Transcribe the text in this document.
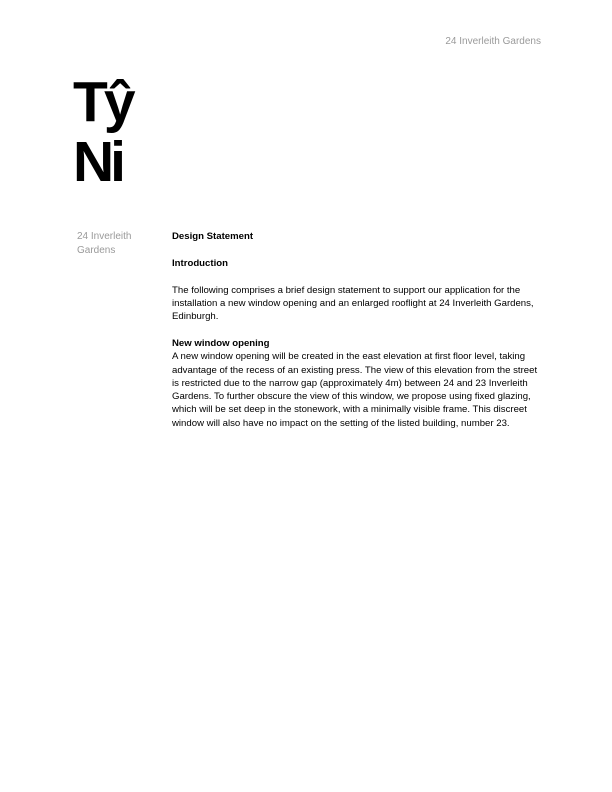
24 Inverleith Gardens
Tŷ
Ni
24 Inverleith Gardens
Design Statement
Introduction

The following comprises a brief design statement to support our application for the installation a new window opening and an enlarged rooflight at 24 Inverleith Gardens, Edinburgh.

New window opening

A new window opening will be created in the east elevation at first floor level, taking advantage of the recess of an existing press. The view of this elevation from the street is restricted due to the narrow gap (approximately 4m) between 24 and 23 Inverleith Gardens. To further obscure the view of this window, we propose using fixed glazing, which will be set deep in the stonework, with a minimally visible frame. This discreet window will also have no impact on the setting of the listed building, number 23.
